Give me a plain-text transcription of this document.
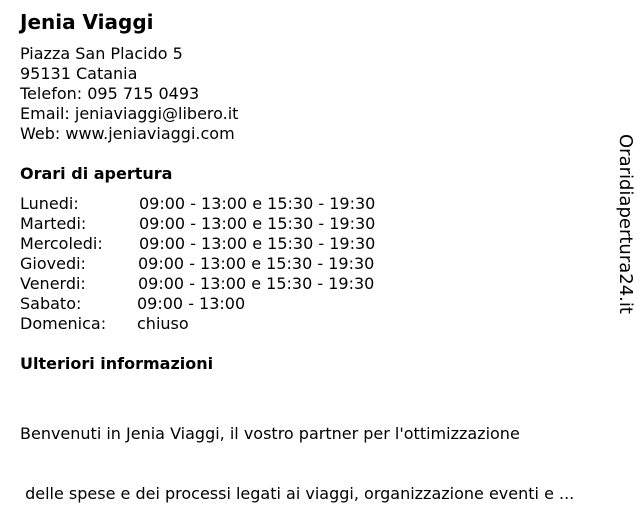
Jenia Viaggi
Piazza San Placido 5
95131 Catania
Telefon: 095 715 0493
Email: jeniaviaggi@libero.it
Web: www.jeniaviaggi.com
Orari di apertura
Lunedi:	09:00 - 13:00 e 15:30 - 19:30
Martedi:	09:00 - 13:00 e 15:30 - 19:30
Mercoledi: 09:00 - 13:00 e 15:30 - 19:30
Giovedi:	09:00 - 13:00 e 15:30 - 19:30
Venerdi:	09:00 - 13:00 e 15:30 - 19:30
Sabato:	09:00 - 13:00
Domenica: chiuso
Ulteriori informazioni

Benvenuti in Jenia Viaggi, il vostro partner per l'ottimizzazione

delle spese e dei processi legati ai viaggi, organizzazione eventi e ...

Oraridiapertura24.it
